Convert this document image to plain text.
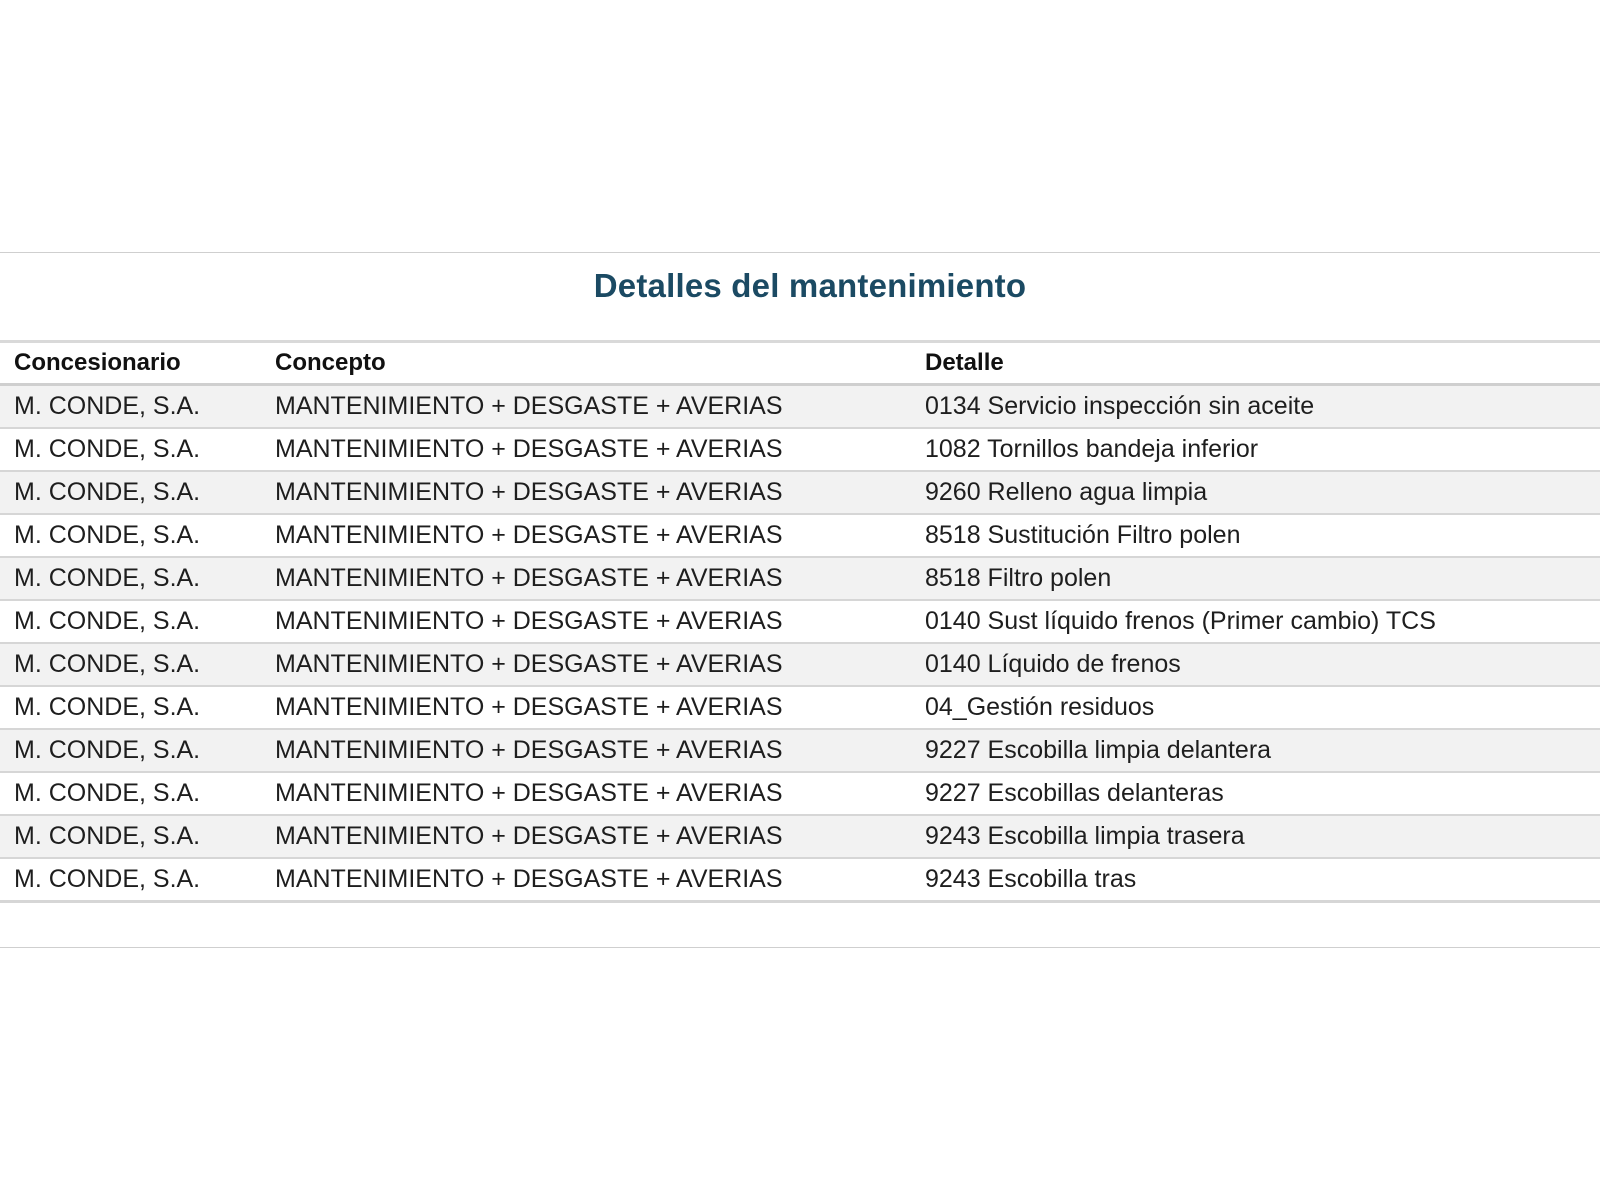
Detalles del mantenimiento
Concesionario	Concepto	Detalle
M. CONDE, S.A.	MANTENIMIENTO + DESGASTE + AVERIAS	0134 Servicio inspección sin aceite
M. CONDE, S.A.	MANTENIMIENTO + DESGASTE + AVERIAS	1082 Tornillos bandeja inferior
M. CONDE, S.A.	MANTENIMIENTO + DESGASTE + AVERIAS	9260 Relleno agua limpia
M. CONDE, S.A.	MANTENIMIENTO + DESGASTE + AVERIAS	8518 Sustitución Filtro polen
M. CONDE, S.A.	MANTENIMIENTO + DESGASTE + AVERIAS	8518 Filtro polen
M. CONDE, S.A.	MANTENIMIENTO + DESGASTE + AVERIAS	0140 Sust líquido frenos (Primer cambio) TCS
M. CONDE, S.A.	MANTENIMIENTO + DESGASTE + AVERIAS	0140 Líquido de frenos
M. CONDE, S.A.	MANTENIMIENTO + DESGASTE + AVERIAS	04_Gestión residuos
M. CONDE, S.A.	MANTENIMIENTO + DESGASTE + AVERIAS	9227 Escobilla limpia delantera
M. CONDE, S.A.	MANTENIMIENTO + DESGASTE + AVERIAS	9227 Escobillas delanteras
M. CONDE, S.A.	MANTENIMIENTO + DESGASTE + AVERIAS	9243 Escobilla limpia trasera
M. CONDE, S.A.	MANTENIMIENTO + DESGASTE + AVERIAS	9243 Escobilla tras
